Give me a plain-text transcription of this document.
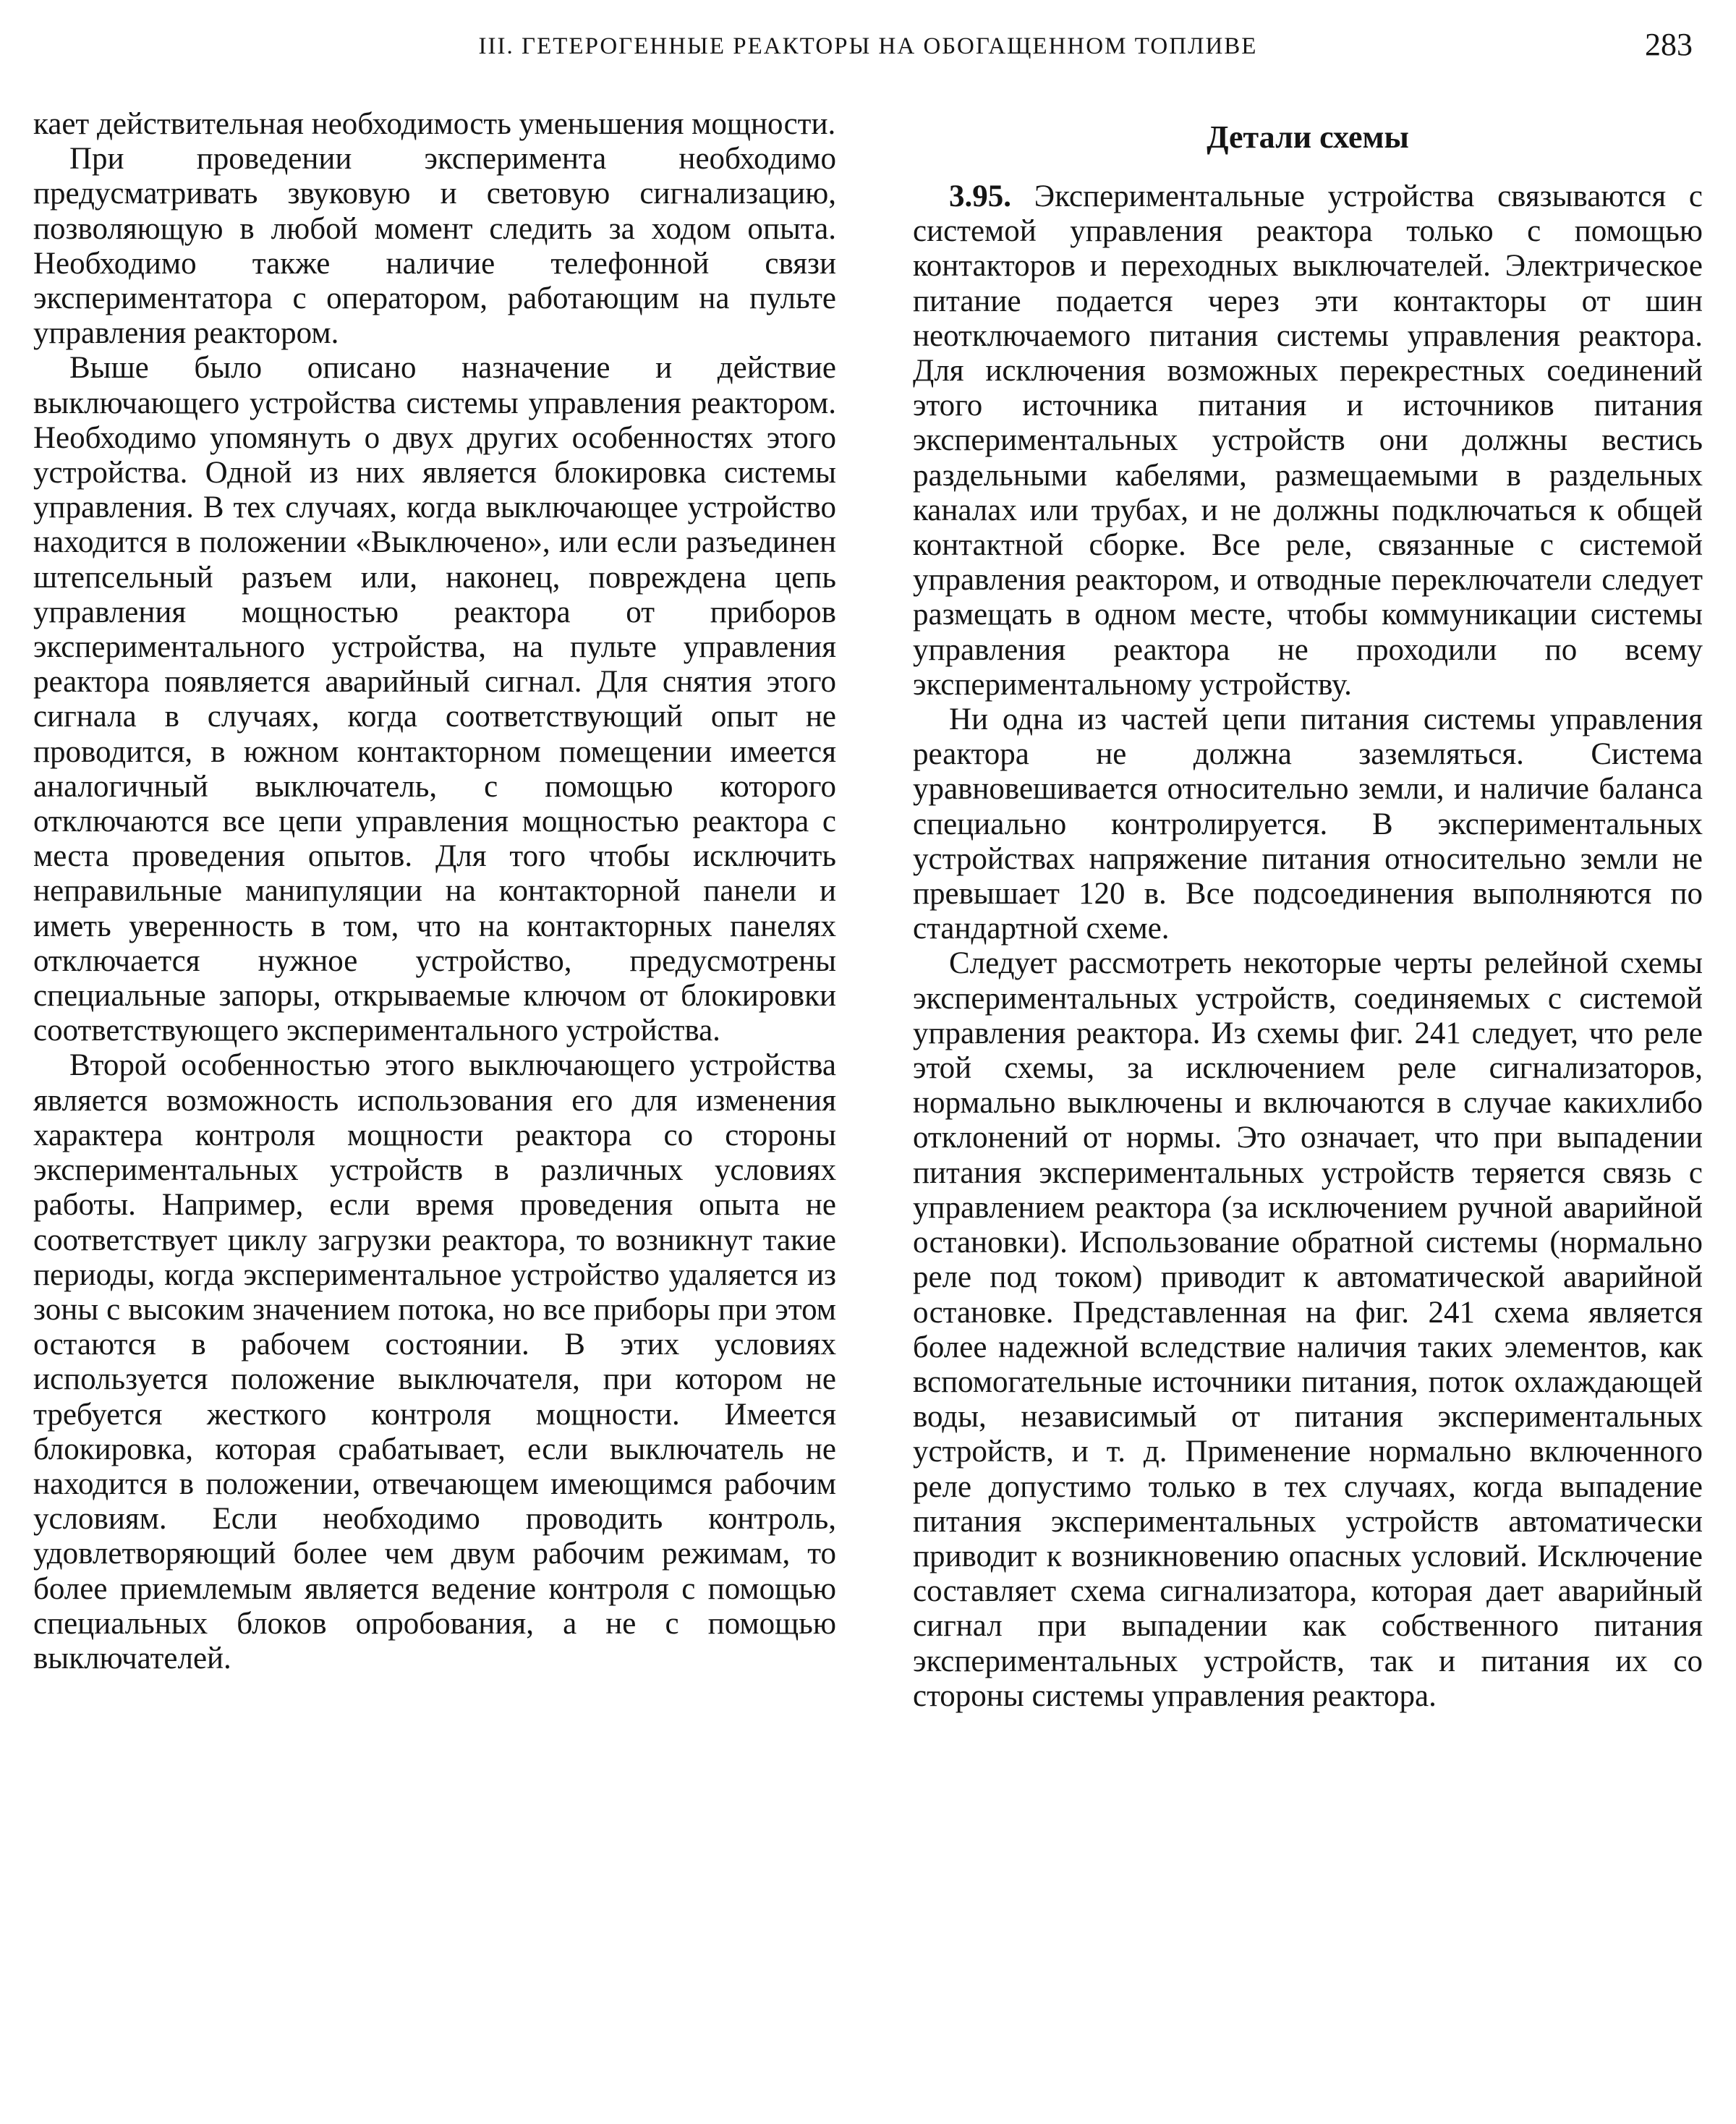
III. ГЕТЕРОГЕННЫЕ РЕАКТОРЫ НА ОБОГАЩЕННОМ ТОПЛИВЕ	283

кает действительная необходимость уменьшения мощности.

При проведении эксперимента необходимо предусматривать звуковую и световую сигнализацию, позволяющую в любой момент следить за ходом опыта. Необходимо также наличие телефонной связи экспериментатора с оператором, работающим на пульте управления реактором.

Выше было описано назначение и действие выключающего устройства системы управления реактором. Необходимо упомянуть о двух других особенностях этого устройства. Одной из них является блокировка системы управления. В тех случаях, когда выключающее устройство находится в положении «Выключено», или если разъединен штепсельный разъем или, наконец, повреждена цепь управления мощностью реактора от приборов экспериментального устройства, на пульте управления реактора появляется аварийный сигнал. Для снятия этого сигнала в случаях, когда соответствующий опыт не проводится, в южном контакторном помещении имеется аналогичный выключатель, с помощью которого отключаются все цепи управления мощностью реактора с места проведения опытов. Для того чтобы исключить неправильные манипуляции на контакторной панели и иметь уверенность в том, что на контакторных панелях отключается нужное устройство, предусмотрены специальные запоры, открываемые ключом от блокировки соответствующего экспериментального устройства.

Второй особенностью этого выключающего устройства является возможность использования его для изменения характера контроля мощности реактора со стороны экспериментальных устройств в различных условиях работы. Например, если время проведения опыта не соответствует циклу загрузки реактора, то возникнут такие периоды, когда экспериментальное устройство удаляется из зоны с высоким значением потока, но все приборы при этом остаются в рабочем состоянии. В этих условиях используется положение выключателя, при котором не требуется жесткого контроля мощности. Имеется блокировка, которая срабатывает, если выключатель не находится в положении, отвечающем имеющимся рабочим условиям. Если необходимо проводить контроль, удовлетворяющий более чем двум рабочим режимам, то более приемлемым является ведение контроля с помощью специальных блоков опробования, а не с помощью выключателей.

Детали схемы

3.95. Экспериментальные устройства связываются с системой управления реактора только с помощью контакторов и переходных выключателей. Электрическое питание подается через эти контакторы от шин неотключаемого питания системы управления реактора. Для исключения возможных перекрестных соединений этого источника питания и источников питания экспериментальных устройств они должны вестись раздельными кабелями, размещаемыми в раздельных каналах или трубах, и не должны подключаться к общей контактной сборке. Все реле, связанные с системой управления реактором, и отводные переключатели следует размещать в одном месте, чтобы коммуникации системы управления реактора не проходили по всему экспериментальному устройству.

Ни одна из частей цепи питания системы управления реактора не должна заземляться. Система уравновешивается относительно земли, и наличие баланса специально контролируется. В экспериментальных устройствах напряжение питания относительно земли не превышает 120 в. Все подсоединения выполняются по стандартной схеме.

Следует рассмотреть некоторые черты релейной схемы экспериментальных устройств, соединяемых с системой управления реактора. Из схемы фиг. 241 следует, что реле этой схемы, за исключением реле сигнализаторов, нормально выключены и включаются в случае какихлибо отклонений от нормы. Это означает, что при выпадении питания экспериментальных устройств теряется связь с управлением реактора (за исключением ручной аварийной остановки). Использование обратной системы (нормально реле под током) приводит к автоматической аварийной остановке. Представленная на фиг. 241 схема является более надежной вследствие наличия таких элементов, как вспомогательные источники питания, поток охлаждающей воды, независимый от питания экспериментальных устройств, и т. д. Применение нормально включенного реле допустимо только в тех случаях, когда выпадение питания экспериментальных устройств автоматически приводит к возникновению опасных условий. Исключение составляет схема сигнализатора, которая дает аварийный сигнал при выпадении как собственного питания экспериментальных устройств, так и питания их со стороны системы управления реактора.
